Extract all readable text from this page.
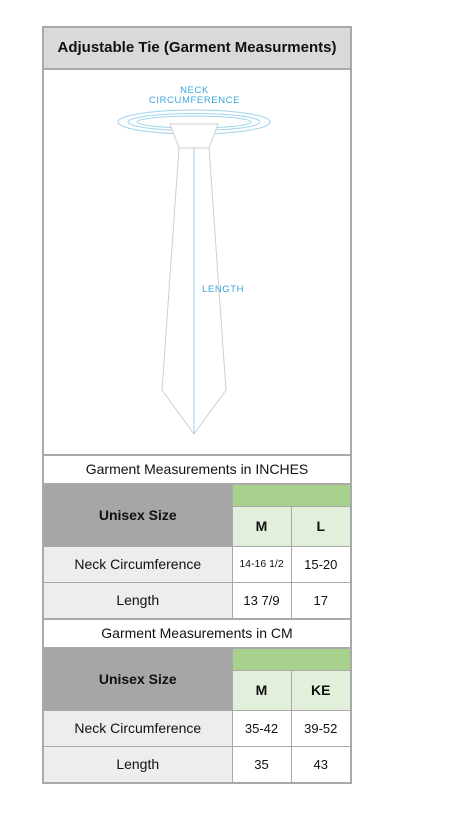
Adjustable Tie (Garment Measurments)
NECK
CIRCUMFERENCE
LENGTH
Garment Measurements in INCHES
Unisex Size		
	M	L
Neck Circumference	14-16 1/2	15-20
Length	13 7/9	17
Garment Measurements in CM
Unisex Size		
	M	KE
Neck Circumference	35-42	39-52
Length	35	43
